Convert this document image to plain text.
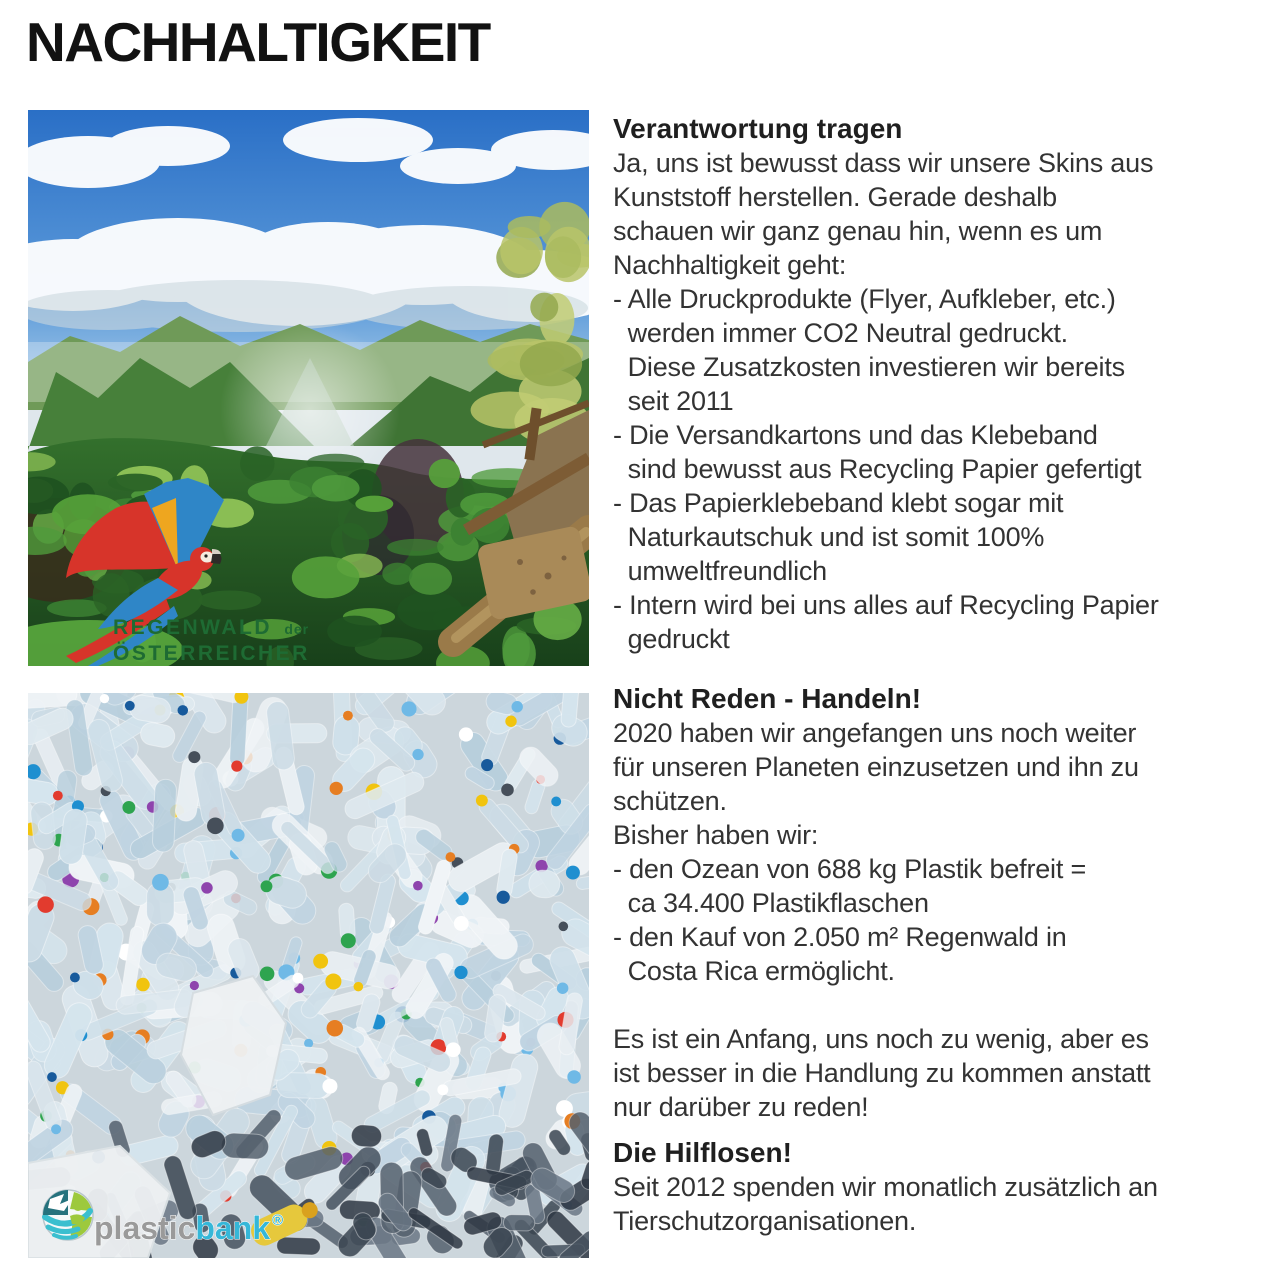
NACHHALTIGKEIT
REGENWALD der
ÖSTERREICHER
plasticbank ®
Verantwortung tragen

Ja, uns ist bewusst dass wir unsere Skins aus
Kunststoff herstellen. Gerade deshalb
schauen wir ganz genau hin, wenn es um
Nachhaltigkeit geht:
- Alle Druckprodukte (Flyer, Aufkleber, etc.)
werden immer CO2 Neutral gedruckt.
Diese Zusatzkosten investieren wir bereits
seit 2011
- Die Versandkartons und das Klebeband
sind bewusst aus Recycling Papier gefertigt
- Das Papierklebeband klebt sogar mit
Naturkautschuk und ist somit 100%
umweltfreundlich
- Intern wird bei uns alles auf Recycling Papier
gedruckt

Nicht Reden - Handeln!

2020 haben wir angefangen uns noch weiter
für unseren Planeten einzusetzen und ihn zu
schützen.
Bisher haben wir:
- den Ozean von 688 kg Plastik befreit =
ca 34.400 Plastikflaschen
- den Kauf von 2.050 m² Regenwald in
Costa Rica ermöglicht.

Es ist ein Anfang, uns noch zu wenig, aber es
ist besser in die Handlung zu kommen anstatt
nur darüber zu reden!

Die Hilflosen!

Seit 2012 spenden wir monatlich zusätzlich an
Tierschutzorganisationen.
